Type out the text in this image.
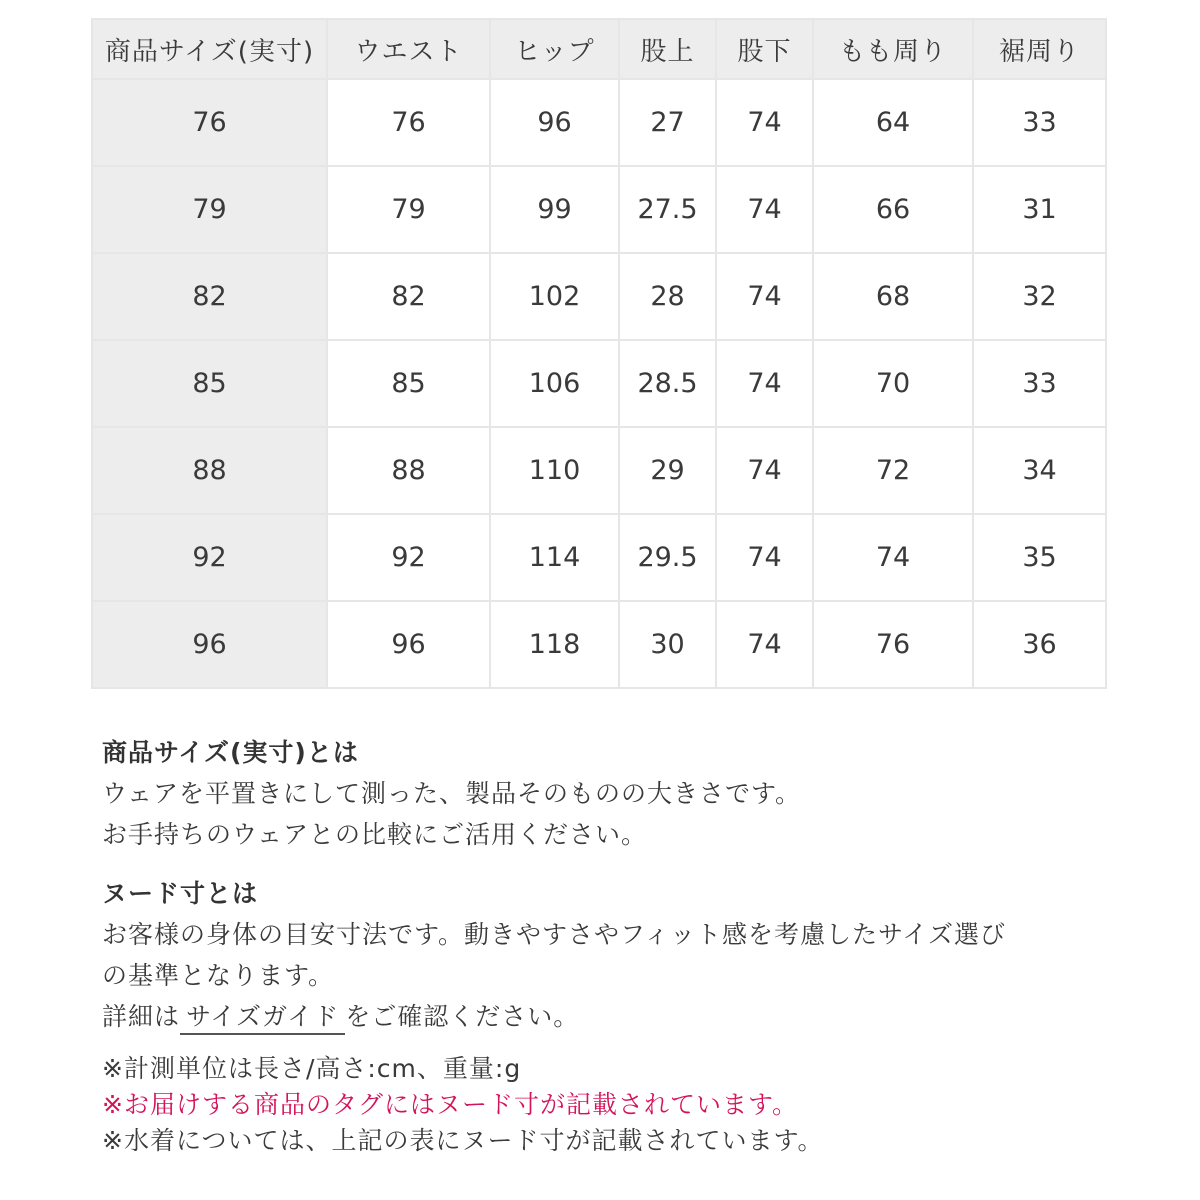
商品サイズ(実寸)	ウエスト	ヒップ	股上	股下	もも周り	裾周り
76	76	96	27	74	64	33
79	79	99	27.5	74	66	31
82	82	102	28	74	68	32
85	85	106	28.5	74	70	33
88	88	110	29	74	72	34
92	92	114	29.5	74	74	35
96	96	118	30	74	76	36

商品サイズ(実寸)とは

ウェアを平置きにして測った、製品そのものの大きさです。

お手持ちのウェアとの比較にご活用ください。

ヌード寸とは

お客様の身体の目安寸法です。動きやすさやフィット感を考慮したサイズ選び

の基準となります。

詳細は サイズガイド をご確認ください。

※計測単位は長さ/高さ:cm、重量:g

※お届けする商品のタグにはヌード寸が記載されています。

※水着については、上記の表にヌード寸が記載されています。
